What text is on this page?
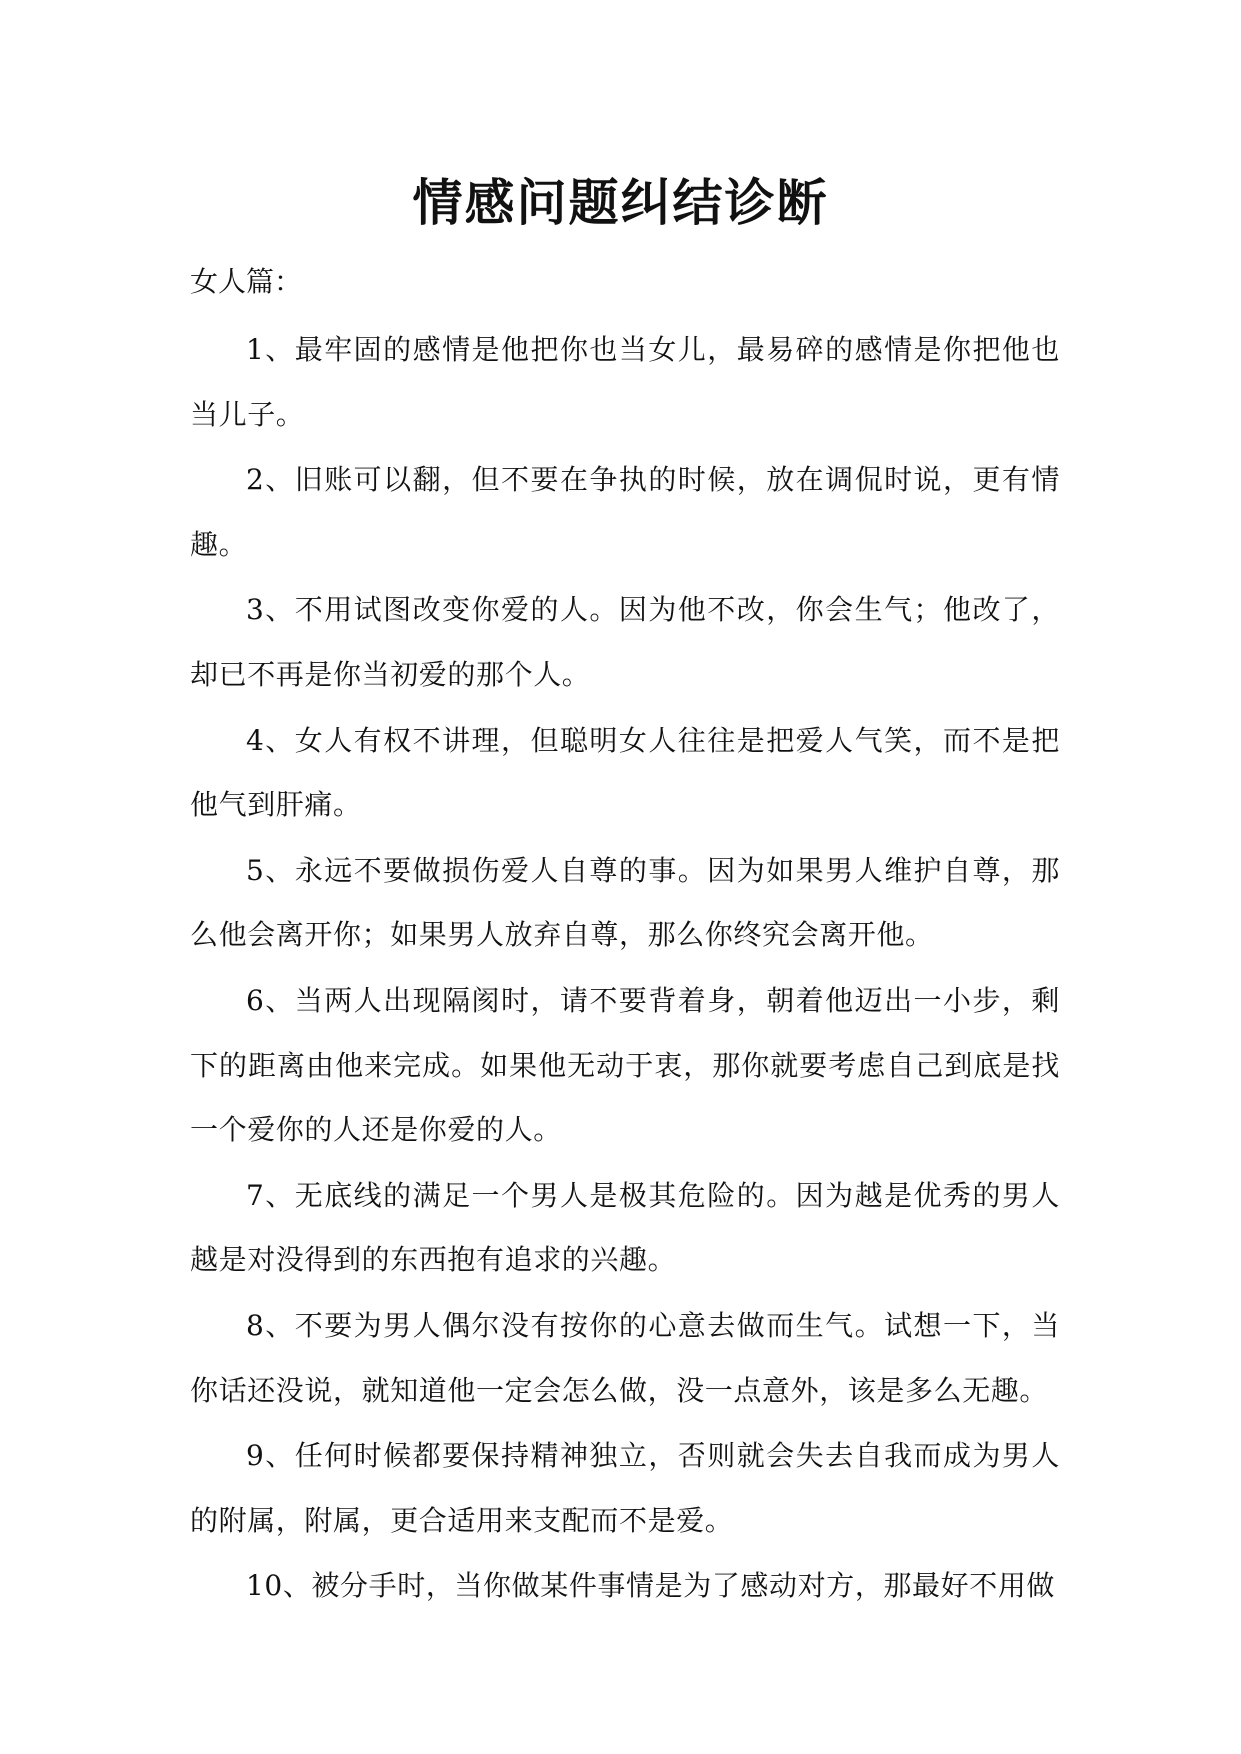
情感问题纠结诊断

女人篇：

1、最牢固的感情是他把你也当女儿，最易碎的感情是你把他也当儿子。

2、旧账可以翻，但不要在争执的时候，放在调侃时说，更有情趣。

3、不用试图改变你爱的人。因为他不改，你会生气；他改了，却已不再是你当初爱的那个人。

4、女人有权不讲理，但聪明女人往往是把爱人气笑，而不是把他气到肝痛。

5、永远不要做损伤爱人自尊的事。因为如果男人维护自尊，那么他会离开你；如果男人放弃自尊，那么你终究会离开他。

6、当两人出现隔阂时，请不要背着身，朝着他迈出一小步，剩下的距离由他来完成。如果他无动于衷，那你就要考虑自己到底是找一个爱你的人还是你爱的人。

7、无底线的满足一个男人是极其危险的。因为越是优秀的男人越是对没得到的东西抱有追求的兴趣。

8、不要为男人偶尔没有按你的心意去做而生气。试想一下，当你话还没说，就知道他一定会怎么做，没一点意外，该是多么无趣。

9、任何时候都要保持精神独立，否则就会失去自我而成为男人的附属，附属，更合适用来支配而不是爱。

10、被分手时，当你做某件事情是为了感动对方，那最好不用做
